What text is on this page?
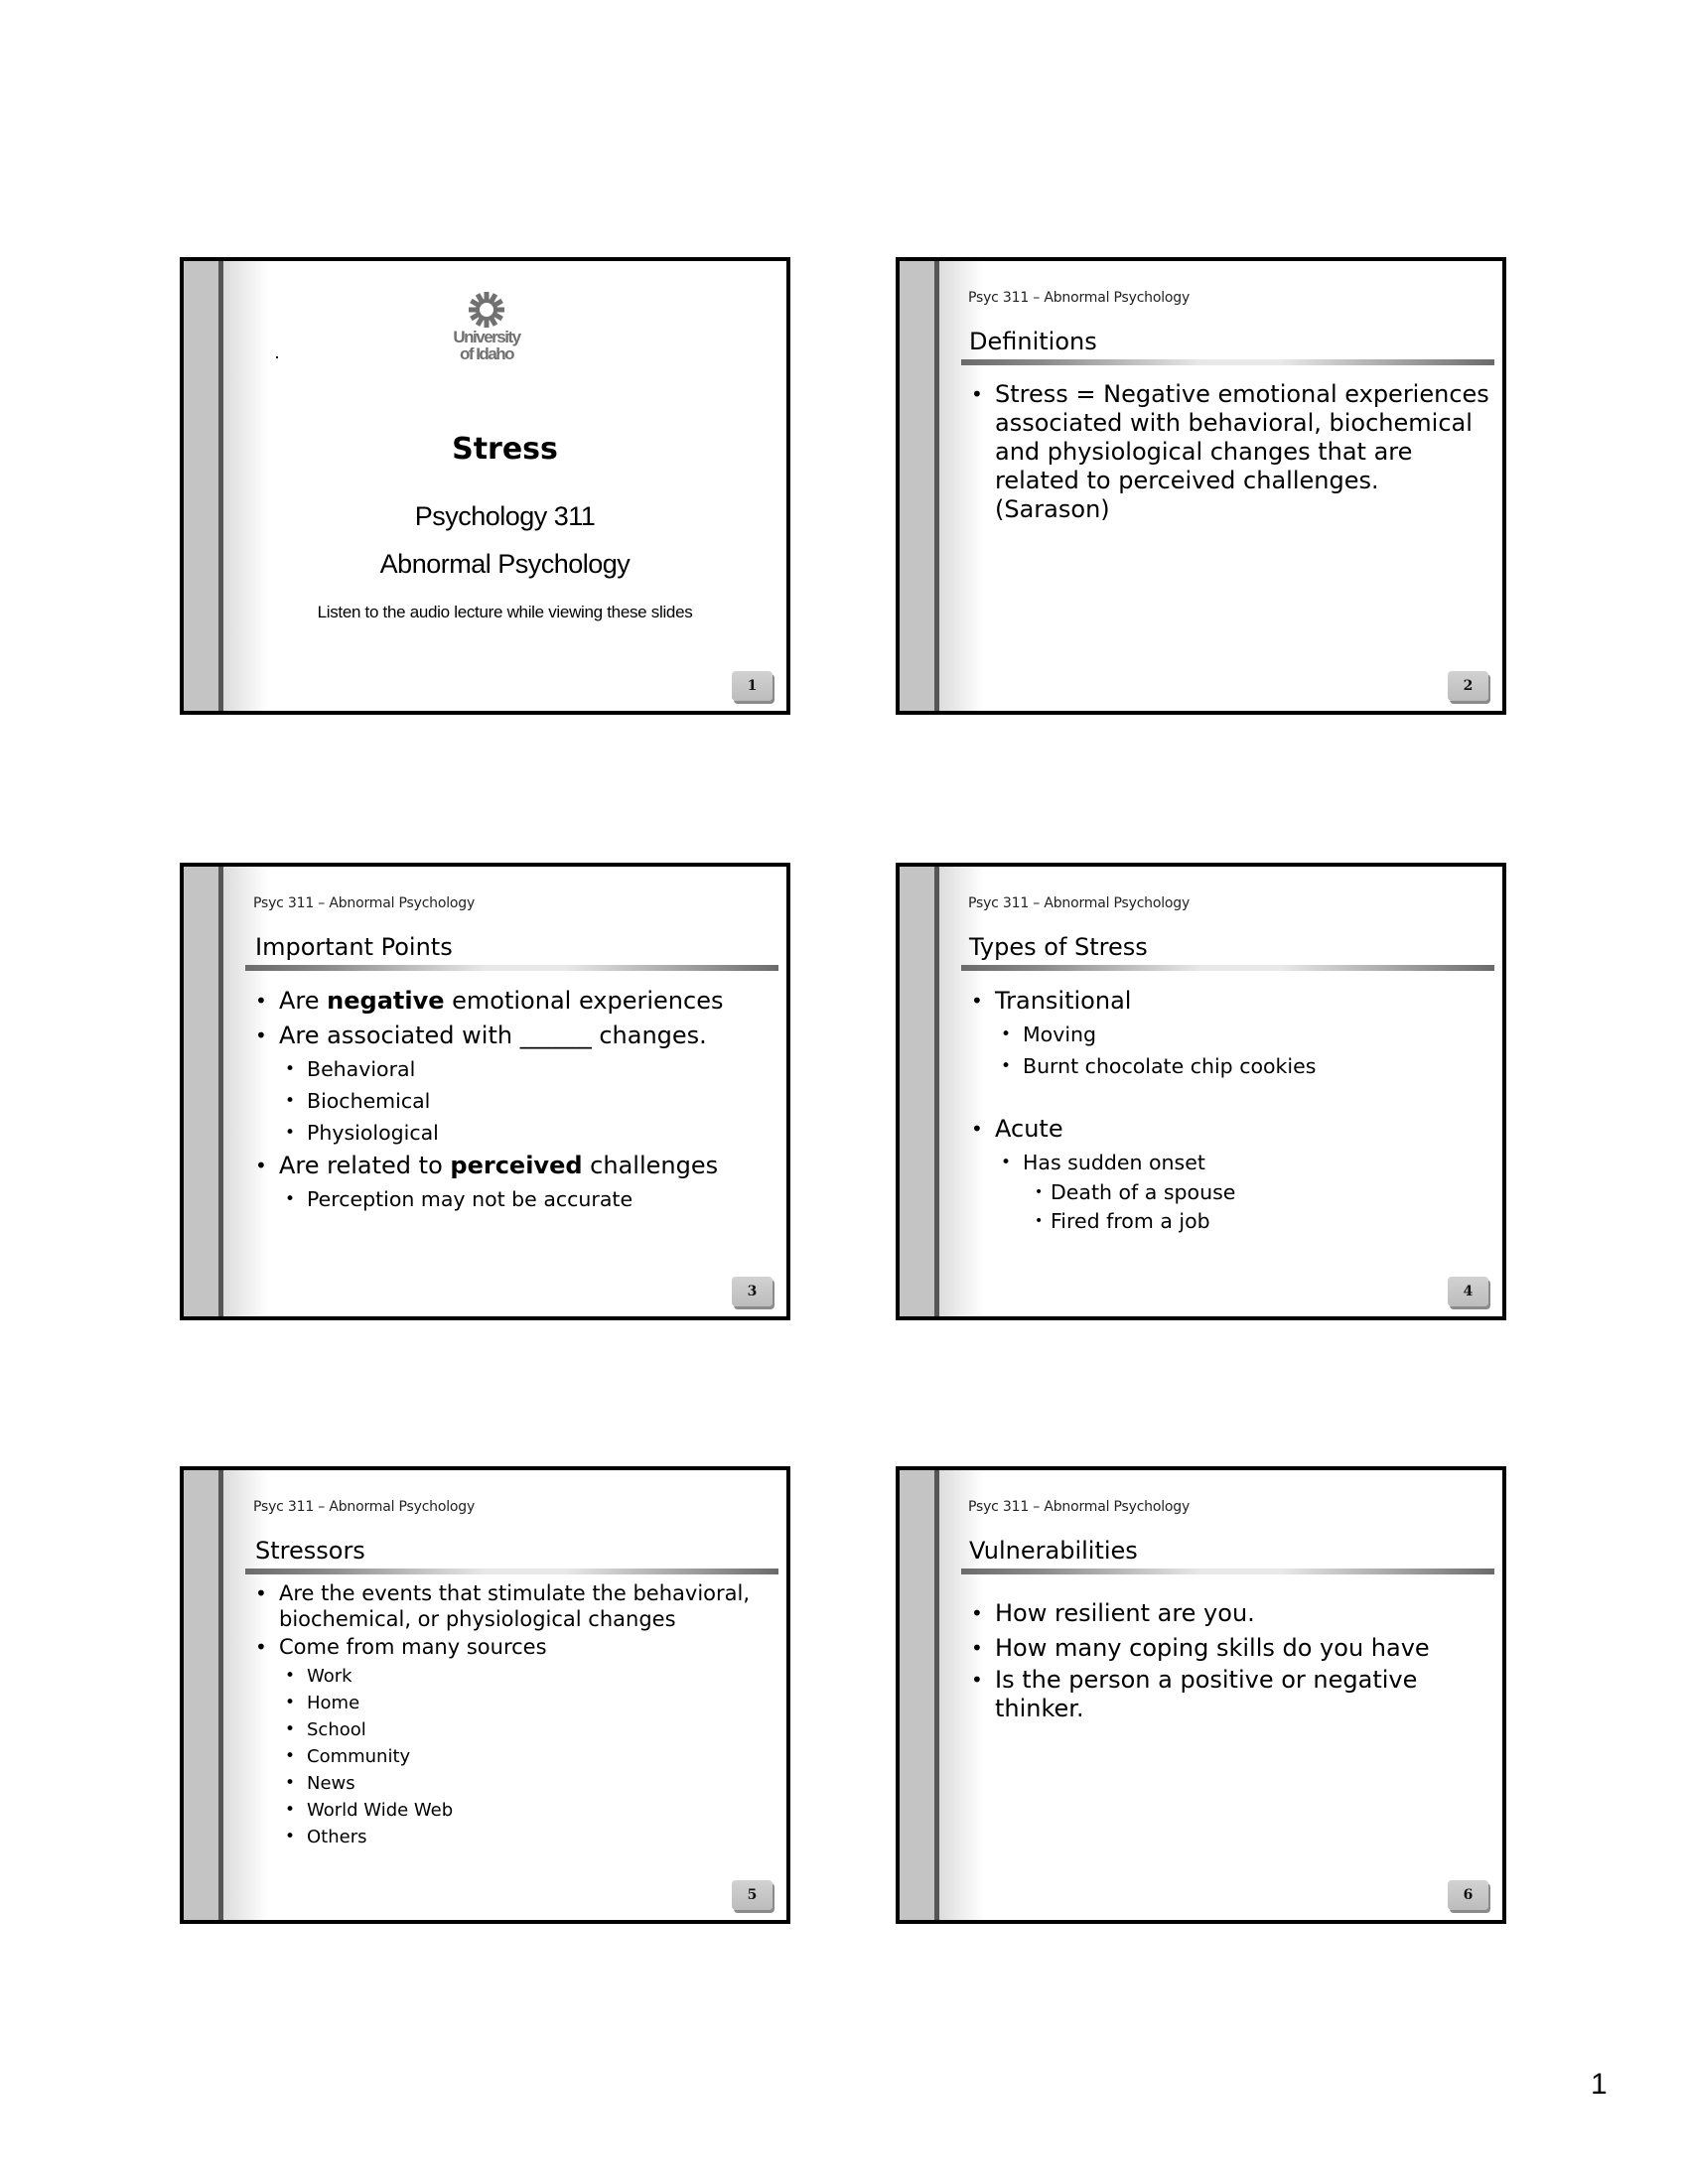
University
of Idaho
Stress
Psychology 311
Abnormal Psychology
Listen to the audio lecture while viewing these slides
1
Psyc 311 – Abnormal Psychology
Definitions
• Stress = Negative emotional experiences associated with behavioral, biochemical and physiological changes that are related to perceived challenges. (Sarason)
2
Psyc 311 – Abnormal Psychology
Important Points
• Are negative emotional experiences
• Are associated with ______ changes.
• Behavioral
• Biochemical
• Physiological
• Are related to perceived challenges
• Perception may not be accurate
3
Psyc 311 – Abnormal Psychology
Types of Stress
• Transitional
• Moving
• Burnt chocolate chip cookies
• Acute
• Has sudden onset
• Death of a spouse
• Fired from a job
4
Psyc 311 – Abnormal Psychology
Stressors
• Are the events that stimulate the behavioral, biochemical, or physiological changes
• Come from many sources
• Work
• Home
• School
• Community
• News
• World Wide Web
• Others
5
Psyc 311 – Abnormal Psychology
Vulnerabilities
• How resilient are you.
• How many coping skills do you have
• Is the person a positive or negative thinker.
6
1
